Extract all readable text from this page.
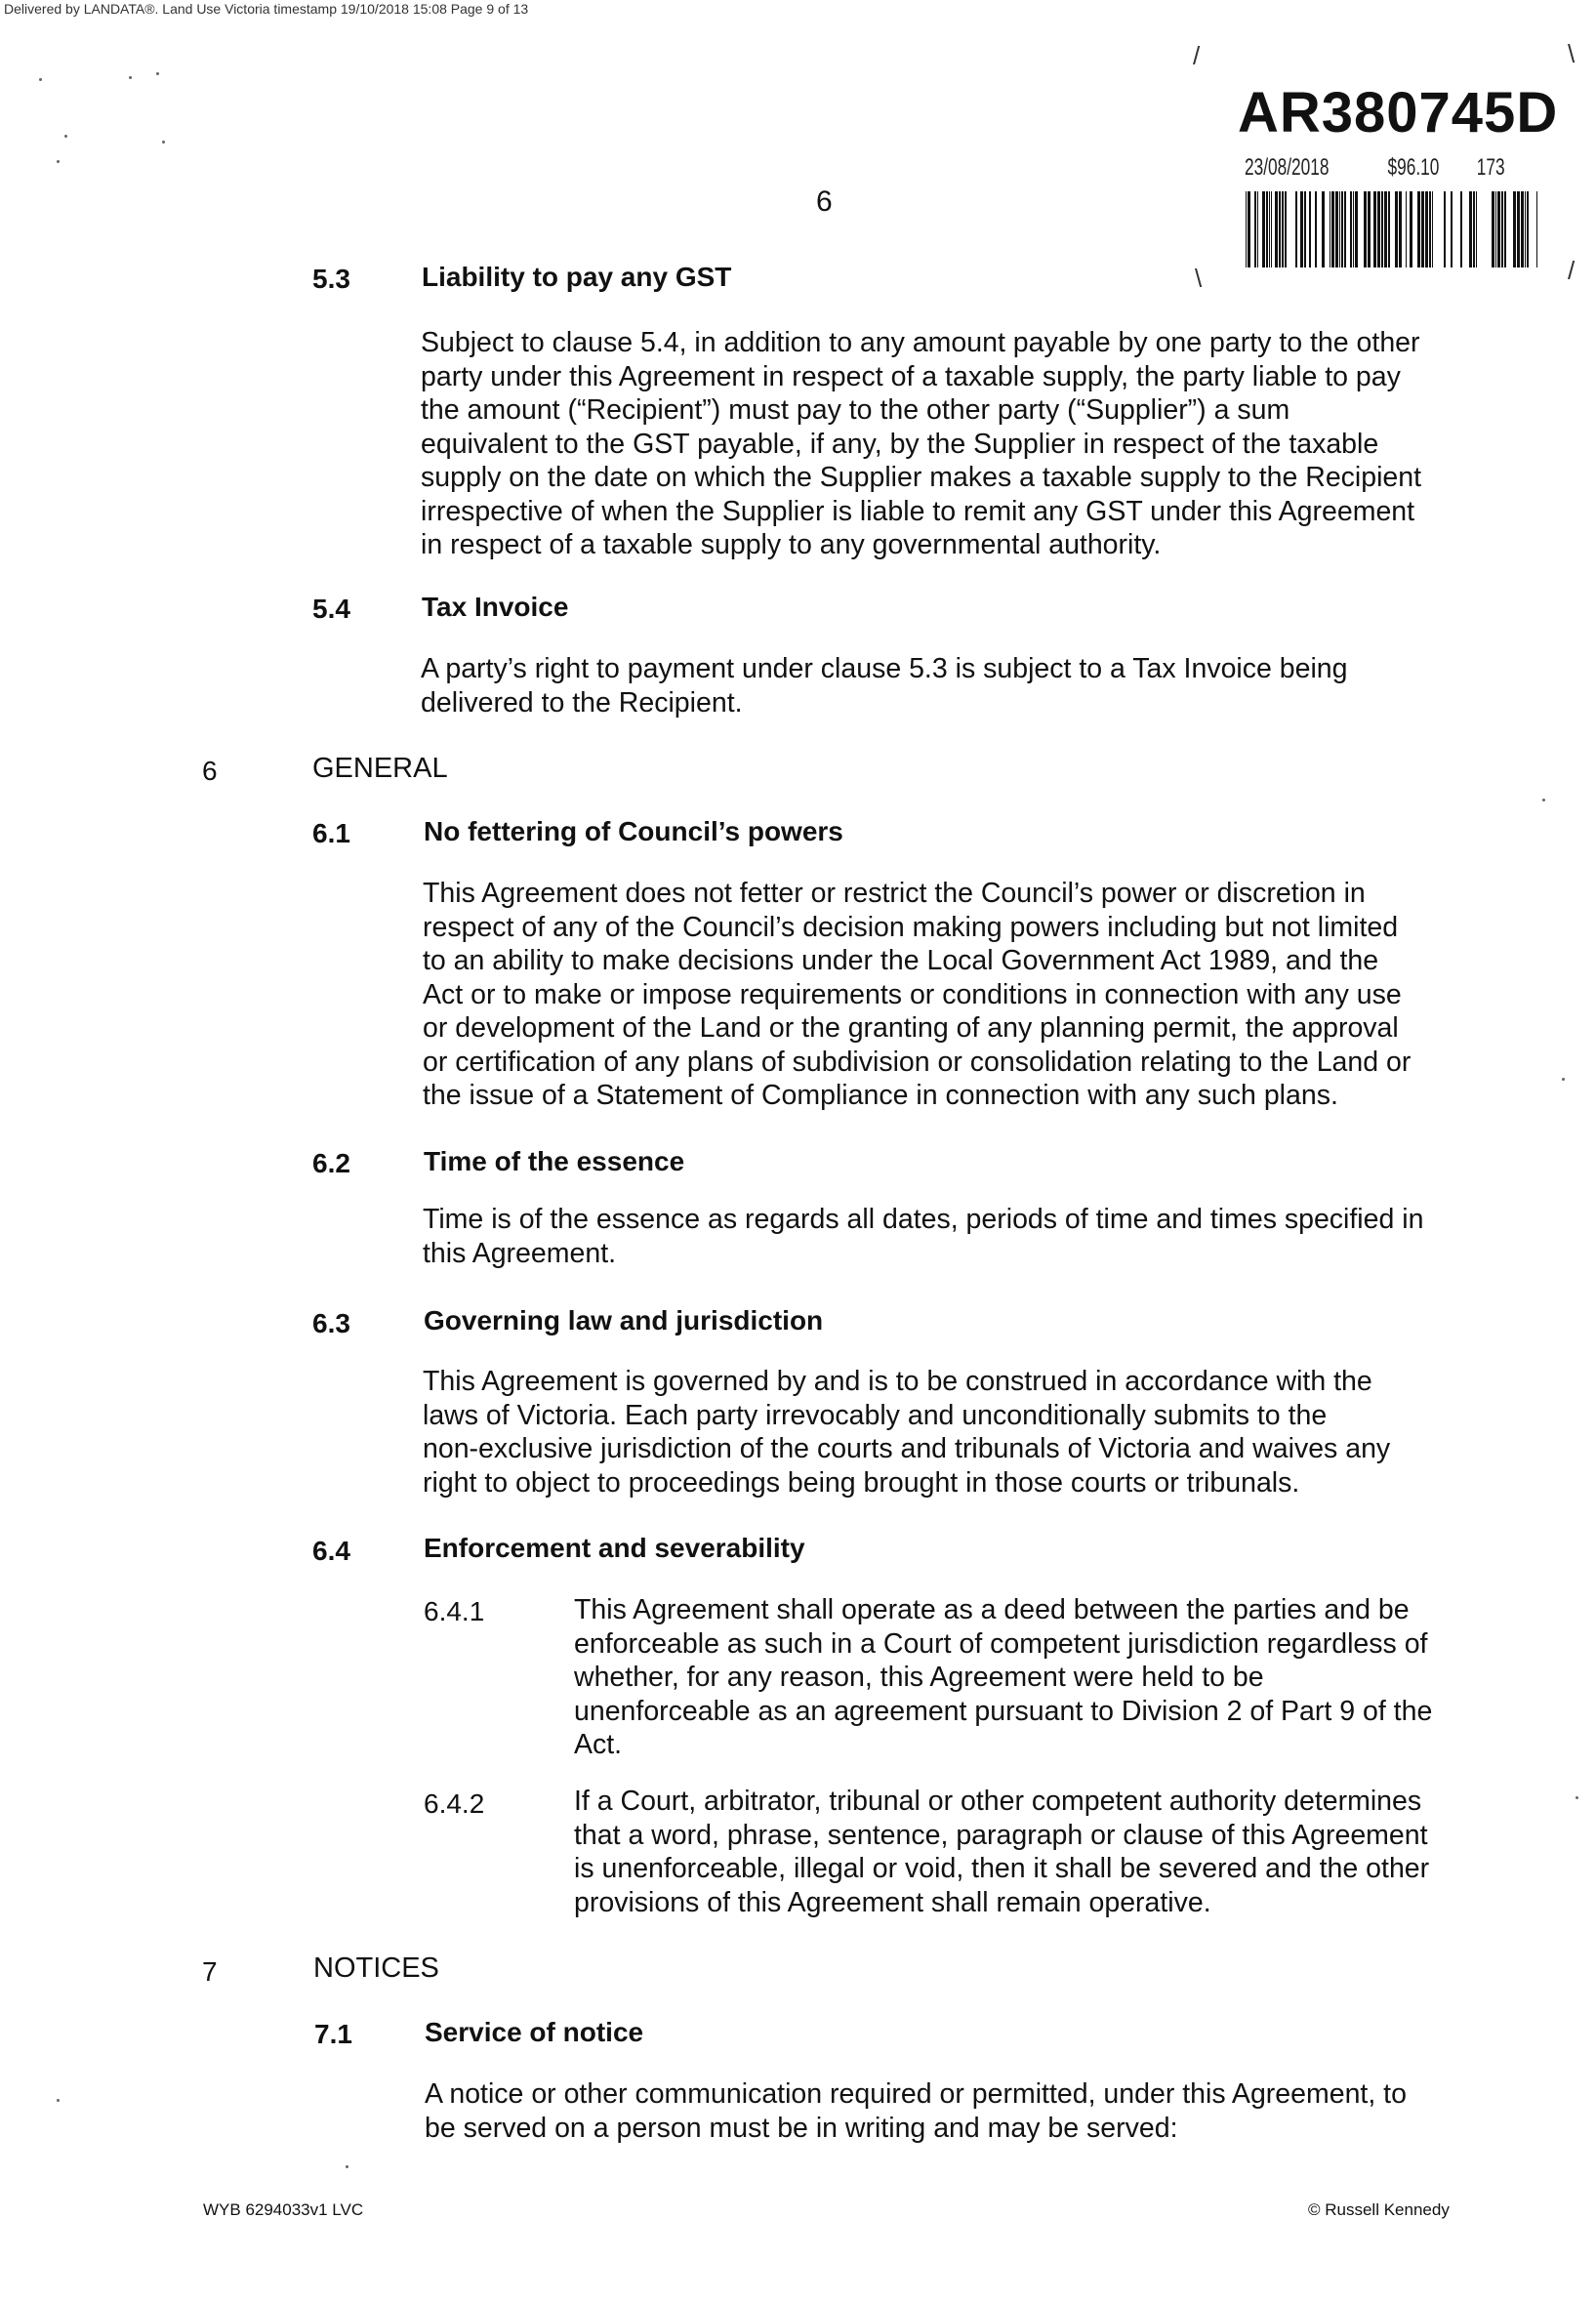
Delivered by LANDATA®. Land Use Victoria timestamp 19/10/2018 15:08 Page 9 of 13
AR380745D
23/08/2018	$96.10 173
/
\
\
/
6
5.3	Liability to pay any GST
Subject to clause 5.4, in addition to any amount payable by one party to the other
party under this Agreement in respect of a taxable supply, the party liable to pay
the amount (“Recipient”) must pay to the other party (“Supplier”) a sum
equivalent to the GST payable, if any, by the Supplier in respect of the taxable
supply on the date on which the Supplier makes a taxable supply to the Recipient
irrespective of when the Supplier is liable to remit any GST under this Agreement
in respect of a taxable supply to any governmental authority.
5.4	Tax Invoice
A party’s right to payment under clause 5.3 is subject to a Tax Invoice being
delivered to the Recipient.
6	GENERAL
6.1	No fettering of Council’s powers
This Agreement does not fetter or restrict the Council’s power or discretion in
respect of any of the Council’s decision making powers including but not limited
to an ability to make decisions under the Local Government Act 1989, and the
Act or to make or impose requirements or conditions in connection with any use
or development of the Land or the granting of any planning permit, the approval
or certification of any plans of subdivision or consolidation relating to the Land or
the issue of a Statement of Compliance in connection with any such plans.
6.2	Time of the essence
Time is of the essence as regards all dates, periods of time and times specified in
this Agreement.
6.3	Governing law and jurisdiction
This Agreement is governed by and is to be construed in accordance with the
laws of Victoria. Each party irrevocably and unconditionally submits to the
non-exclusive jurisdiction of the courts and tribunals of Victoria and waives any
right to object to proceedings being brought in those courts or tribunals.
6.4	Enforcement and severability
6.4.1	This Agreement shall operate as a deed between the parties and be
enforceable as such in a Court of competent jurisdiction regardless of
whether, for any reason, this Agreement were held to be
unenforceable as an agreement pursuant to Division 2 of Part 9 of the
Act.
6.4.2	If a Court, arbitrator, tribunal or other competent authority determines
that a word, phrase, sentence, paragraph or clause of this Agreement
is unenforceable, illegal or void, then it shall be severed and the other
provisions of this Agreement shall remain operative.
7	NOTICES
7.1	Service of notice
A notice or other communication required or permitted, under this Agreement, to
be served on a person must be in writing and may be served:
WYB 6294033v1 LVC	© Russell Kennedy
